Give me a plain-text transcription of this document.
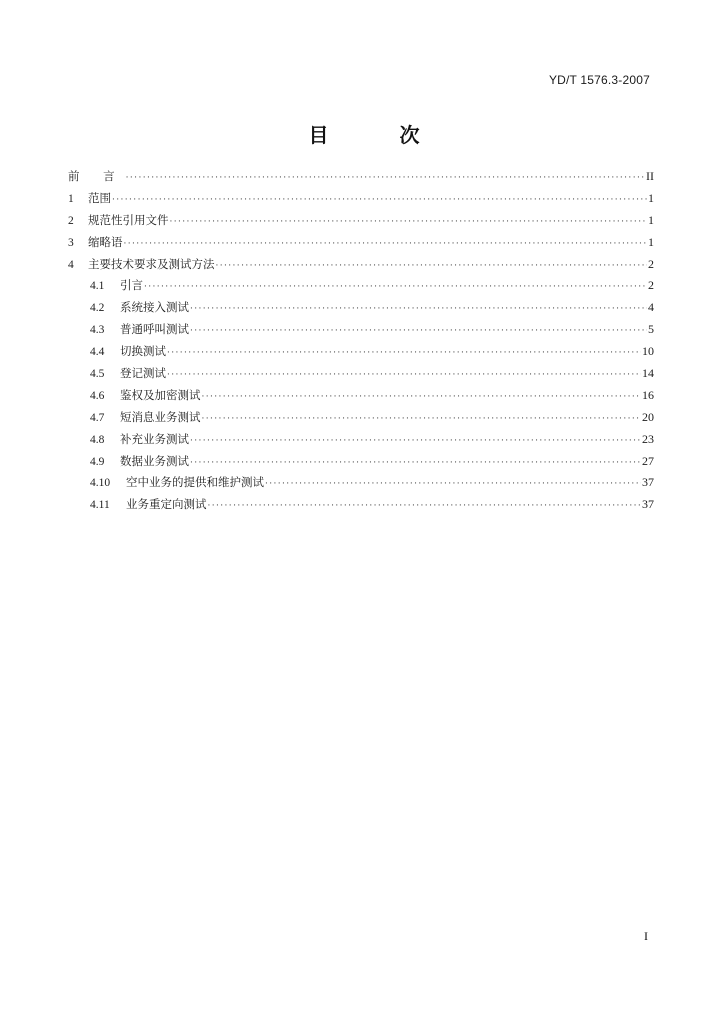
YD/T 1576.3-2007
目 次
前 言 ·····	II
1	范围 ·····	1
2	规范性引用文件 ·····	1
3	缩略语 ·····	1
4	主要技术要求及测试方法 ·····	2
4.1	引言 ·····	2
4.2	系统接入测试 ·····	4
4.3	普通呼叫测试 ·····	5
4.4	切换测试 ·····	10
4.5	登记测试 ·····	14
4.6	鉴权及加密测试 ·····	16
4.7	短消息业务测试 ·····	20
4.8	补充业务测试 ·····	23
4.9	数据业务测试 ·····	27
4.10	空中业务的提供和维护测试 ·····	37
4.11	业务重定向测试 ·····	37
I
